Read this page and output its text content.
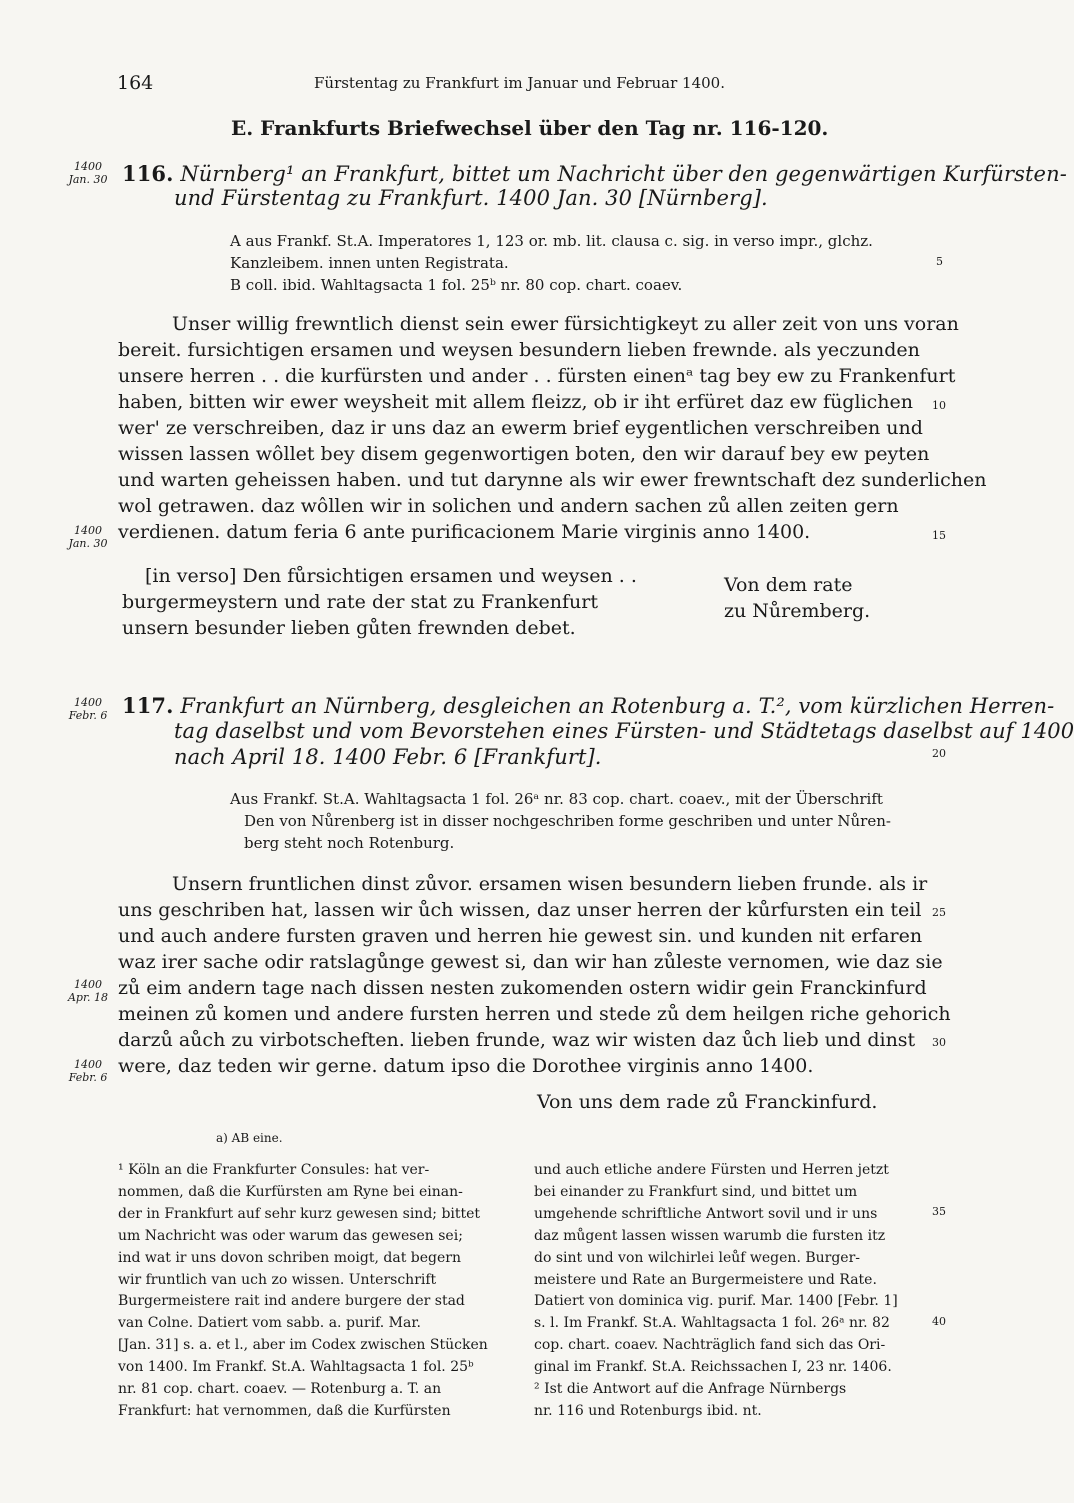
164	Fürstentag zu Frankfurt im Januar und Februar 1400.
E. Frankfurts Briefwechsel über den Tag nr. 116-120.
1400
Jan. 30 116. Nürnberg¹ an Frankfurt, bittet um Nachricht über den gegenwärtigen Kurfürsten-
und Fürstentag zu Frankfurt. 1400 Jan. 30 [Nürnberg].
A aus Frankf. St.A. Imperatores 1, 123 or. mb. lit. clausa c. sig. in verso impr., glchz.
Kanzleibem. innen unten Registrata.
B coll. ibid. Wahltagsacta 1 fol. 25ᵇ nr. 80 cop. chart. coaev.
Unser willig frewntlich dienst sein ewer fürsichtigkeyt zu aller zeit von uns voran
bereit. fursichtigen ersamen und weysen besundern lieben frewnde. als yeczunden
unsere herren . . die kurfürsten und ander . . fürsten einenᵃ tag bey ew zu Frankenfurt
haben, bitten wir ewer weysheit mit allem fleizz, ob ir iht erfüret daz ew füglichen
wer' ze verschreiben, daz ir uns daz an ewerm brief eygentlichen verschreiben und
wissen lassen wôllet bey disem gegenwortigen boten, den wir darauf bey ew peyten
und warten geheissen haben. und tut darynne als wir ewer frewntschaft dez sunderlichen
wol getrawen. daz wôllen wir in solichen und andern sachen zů allen zeiten gern
verdienen. datum feria 6 ante purificacionem Marie virginis anno 1400.
1400
Jan. 30
[in verso] Den fůrsichtigen ersamen und weysen . .
burgermeystern und rate der stat zu Frankenfurt
unsern besunder lieben gůten frewnden debet.
Von dem rate
zu Nůremberg.
1400
Febr. 6 117. Frankfurt an Nürnberg, desgleichen an Rotenburg a. T.², vom kürzlichen Herren-
tag daselbst und vom Bevorstehen eines Fürsten- und Städtetags daselbst auf 1400
nach April 18. 1400 Febr. 6 [Frankfurt].
Aus Frankf. St.A. Wahltagsacta 1 fol. 26ᵃ nr. 83 cop. chart. coaev., mit der Überschrift
Den von Nůrenberg ist in disser nochgeschriben forme geschriben und unter Nůren-
berg steht noch Rotenburg.
Unsern fruntlichen dinst zůvor. ersamen wisen besundern lieben frunde. als ir
uns geschriben hat, lassen wir ůch wissen, daz unser herren der kůrfursten ein teil
und auch andere fursten graven und herren hie gewest sin. und kunden nit erfaren
waz irer sache odir ratslagůnge gewest si, dan wir han zůleste vernomen, wie daz sie
zů eim andern tage nach dissen nesten zukomenden ostern widir gein Franckinfurd
meinen zů komen und andere fursten herren und stede zů dem heilgen riche gehorich
darzů aůch zu virbotscheften. lieben frunde, waz wir wisten daz ůch lieb und dinst
were, daz teden wir gerne. datum ipso die Dorothee virginis anno 1400.
1400
Apr. 18
1400
Febr. 6
Von uns dem rade zů Franckinfurd.
a) AB eine.
¹ Köln an die Frankfurter Consules: hat ver-
nommen, daß die Kurfürsten am Ryne bei einan-
der in Frankfurt auf sehr kurz gewesen sind; bittet
um Nachricht was oder warum das gewesen sei;
ind wat ir uns dovon schriben moigt, dat begern
wir fruntlich van uch zo wissen. Unterschrift
Burgermeistere rait ind andere burgere der stad
van Colne. Datiert vom sabb. a. purif. Mar.
[Jan. 31] s. a. et l., aber im Codex zwischen Stücken
von 1400. Im Frankf. St.A. Wahltagsacta 1 fol. 25ᵇ
nr. 81 cop. chart. coaev. — Rotenburg a. T. an
Frankfurt: hat vernommen, daß die Kurfürsten
und auch etliche andere Fürsten und Herren jetzt
bei einander zu Frankfurt sind, und bittet um
umgehende schriftliche Antwort sovil und ir uns
daz můgent lassen wissen warumb die fursten itz
do sint und von wilchirlei leůf wegen. Burger-
meistere und Rate an Burgermeistere und Rate.
Datiert von dominica vig. purif. Mar. 1400 [Febr. 1]
s. l. Im Frankf. St.A. Wahltagsacta 1 fol. 26ᵃ nr. 82
cop. chart. coaev. Nachträglich fand sich das Ori-
ginal im Frankf. St.A. Reichssachen I, 23 nr. 1406.
² Ist die Antwort auf die Anfrage Nürnbergs
nr. 116 und Rotenburgs ibid. nt.
5
10
15
20
25
30
35
40
